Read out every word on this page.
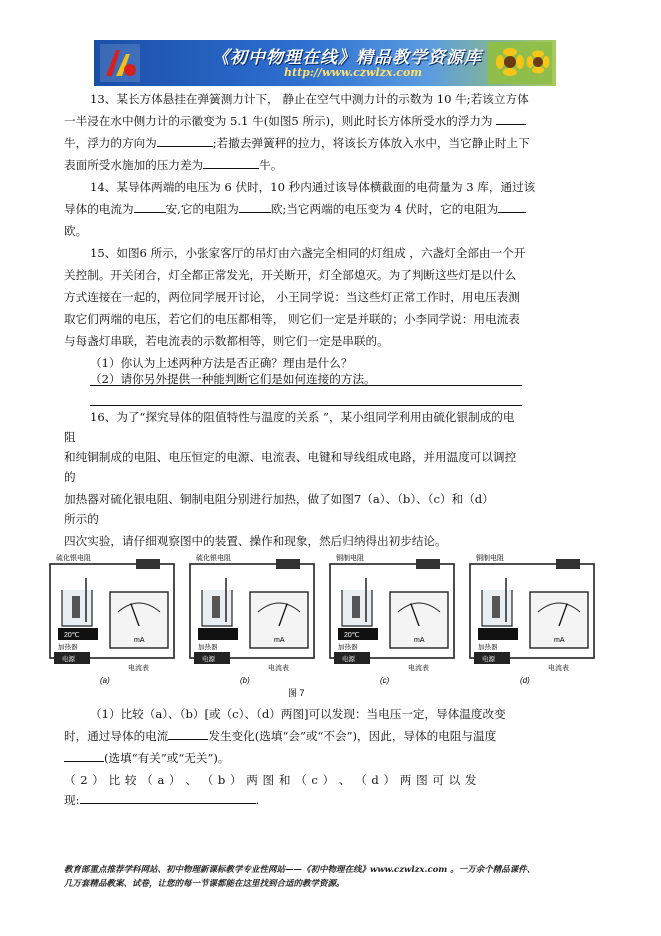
《初中物理在线》精品教学资源库
http://www.czwlzx.com
13、某长方体悬挂在弹簧测力计下， 静止在空气中测力计的示数为 10 牛;若该立方体
一半浸在水中侧力计的示徽变为 5.1 牛(如图5 所示)，则此时长方体所受水的浮力为
牛，浮力的方向为	;若撤去弹簧秤的拉力，将该长方体放入水中，当它静止时上下
表面所受水施加的压力差为	牛。
14、某导体两端的电压为 6 伏时，10 秒内通过该导体横截面的电荷量为 3 库，通过该
导体的电流为	安,它的电阻为	欧;当它两端的电压变为 4 伏时，它的电阻为
欧。
15、如图6 所示，小张家客厅的吊灯由六盏完全相同的灯组成 ，六盏灯全部由一个开
关控制。开关闭合，灯全都正常发光，开关断开，灯全部熄灭。为了判断这些灯是以什么
方式连接在一起的，两位同学展开讨论， 小王同学说：当这些灯正常工作时，用电压表测
取它们两端的电压，若它们的电压都相等， 则它们一定是并联的；小李同学说：用电流表
与每盏灯串联，若电流表的示数都相等，则它们一定是串联的。
（1）你认为上述两种方法是否正确？理由是什么？
（2）请你另外提供一种能判断它们是如何连接的方法。
16、为了“探究导体的阻值特性与温度的关系 ”，某小组同学利用由硫化银制成的电
阻
和纯铜制成的电阻、电压恒定的电源、电流表、电键和导线组成电路，并用温度可以调控
的
加热器对硫化银电阻、铜制电阻分别进行加热，做了如图7（a）、（b）、（c）和（d）
所示的
四次实验，请仔细观察图中的装置、操作和现象，然后归纳得出初步结论。
硫化银电阻
20℃
加热器
电源
mA
电流表
(a)
硫化银电阻
加热器
电源
mA
电流表
(b)
铜制电阻
20℃
加热器
电源
mA
电流表
(c)
铜制电阻
加热器
电源
mA
电流表
(d)
图 7
（1）比较（a）、（b）[或（c）、（d）两图]可以发现：当电压一定，导体温度改变
时，通过导体的电流	发生变化(选填“会”或“不会”)，因此，导体的电阻与温度
(选填“有关”或“无关”)。
（ 2 ） 比 较 （ a ） 、 （ b ） 两 图 和 （ c ） 、 （ d ） 两 图 可 以 发
现:	.
教育部重点推荐学科网站、初中物理新课标教学专业性网站——《初中物理在线》www.czwlzx.com 。一万余个精品课件、
几万套精品教案、试卷，让您的每一节课都能在这里找到合适的教学资源。
